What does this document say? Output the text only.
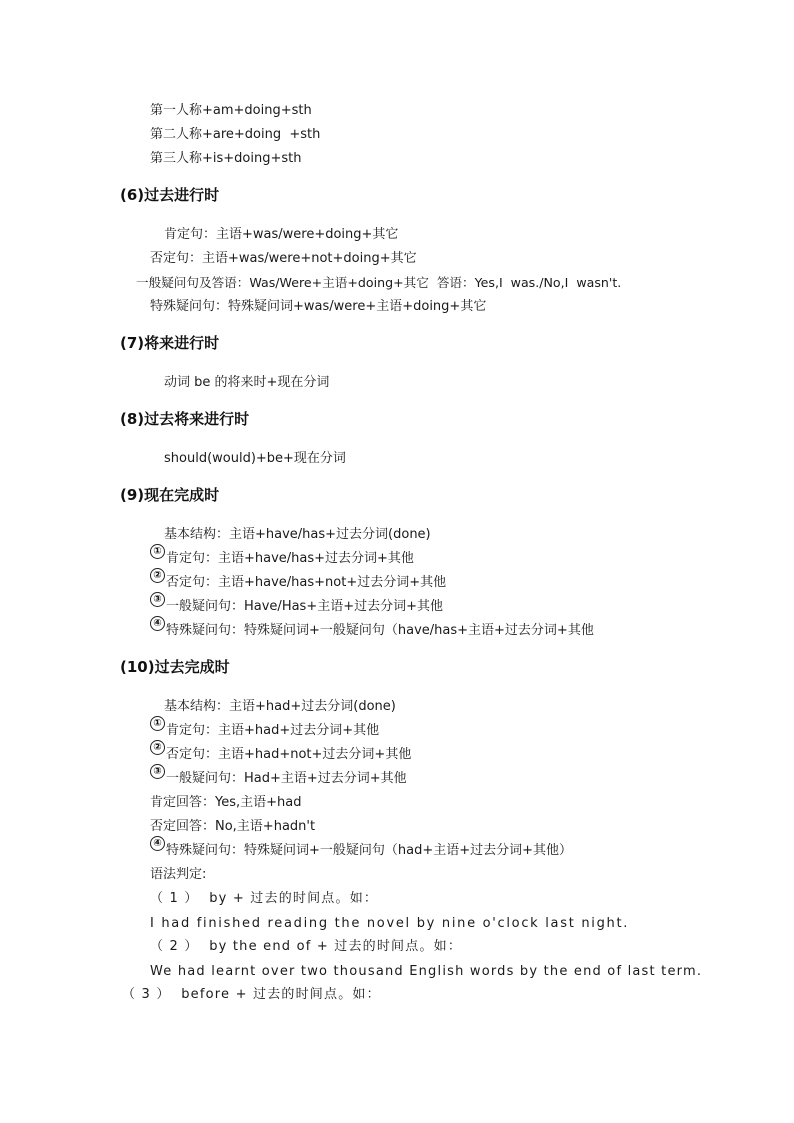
第一人称+am+doing+sth
第二人称+are+doing  +sth
第三人称+is+doing+sth
(6)过去进行时
肯定句：主语+was/were+doing+其它
否定句：主语+was/were+not+doing+其它
一般疑问句及答语：Was/Were+主语+doing+其它  答语：Yes,I  was./No,I  wasn't.
特殊疑问句：特殊疑问词+was/were+主语+doing+其它
(7)将来进行时
动词 be 的将来时+现在分词
(8)过去将来进行时
should(would)+be+现在分词
(9)现在完成时
基本结构：主语+have/has+过去分词(done)
① 肯定句：主语+have/has+过去分词+其他
② 否定句：主语+have/has+not+过去分词+其他
③ 一般疑问句：Have/Has+主语+过去分词+其他
④ 特殊疑问句：特殊疑问词+一般疑问句（have/has+主语+过去分词+其他
(10)过去完成时
基本结构：主语+had+过去分词(done)
① 肯定句：主语+had+过去分词+其他
② 否定句：主语+had+not+过去分词+其他
③ 一般疑问句：Had+主语+过去分词+其他
肯定回答：Yes,主语+had
否定回答：No,主语+hadn't
④ 特殊疑问句：特殊疑问词+一般疑问句（had+主语+过去分词+其他）
语法判定:
（ 1 ）  by + 过去的时间点。如：
I had finished reading the novel by nine o'clock last night.
（ 2 ）  by the end of + 过去的时间点。如：
We had learnt over two thousand English words by the end of last term.
（ 3 ）  before + 过去的时间点。如：
